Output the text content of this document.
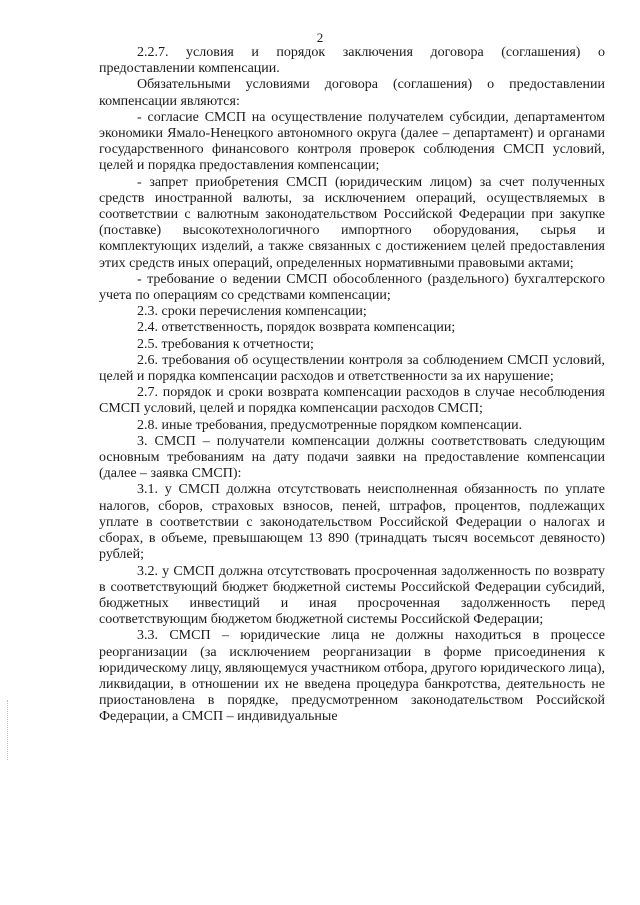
2

2.2.7. условия и порядок заключения договора (соглашения) о предоставлении компенсации.

Обязательными условиями договора (соглашения) о предоставлении компенсации являются:

- согласие СМСП на осуществление получателем субсидии, департаментом экономики Ямало-Ненецкого автономного округа (далее – департамент) и органами государственного финансового контроля проверок соблюдения СМСП условий, целей и порядка предоставления компенсации;

- запрет приобретения СМСП (юридическим лицом) за счет полученных средств иностранной валюты, за исключением операций, осуществляемых в соответствии с валютным законодательством Российской Федерации при закупке (поставке) высокотехнологичного импортного оборудования, сырья и комплектующих изделий, а также связанных с достижением целей предоставления этих средств иных операций, определенных нормативными правовыми актами;

- требование о ведении СМСП обособленного (раздельного) бухгалтерского учета по операциям со средствами компенсации;

2.3. сроки перечисления компенсации;

2.4. ответственность, порядок возврата компенсации;

2.5. требования к отчетности;

2.6. требования об осуществлении контроля за соблюдением СМСП условий, целей и порядка компенсации расходов и ответственности за их нарушение;

2.7. порядок и сроки возврата компенсации расходов в случае несоблюдения СМСП условий, целей и порядка компенсации расходов СМСП;

2.8. иные требования, предусмотренные порядком компенсации.

3. СМСП – получатели компенсации должны соответствовать следующим основным требованиям на дату подачи заявки на предоставление компенсации (далее – заявка СМСП):

3.1. у СМСП должна отсутствовать неисполненная обязанность по уплате налогов, сборов, страховых взносов, пеней, штрафов, процентов, подлежащих уплате в соответствии с законодательством Российской Федерации о налогах и сборах, в объеме, превышающем 13 890 (тринадцать тысяч восемьсот девяносто) рублей;

3.2. у СМСП должна отсутствовать просроченная задолженность по возврату в соответствующий бюджет бюджетной системы Российской Федерации субсидий, бюджетных инвестиций и иная просроченная задолженность перед соответствующим бюджетом бюджетной системы Российской Федерации;

3.3. СМСП – юридические лица не должны находиться в процессе реорганизации (за исключением реорганизации в форме присоединения к юридическому лицу, являющемуся участником отбора, другого юридического лица), ликвидации, в отношении их не введена процедура банкротства, деятельность не приостановлена в порядке, предусмотренном законодательством Российской Федерации, а СМСП – индивидуальные
